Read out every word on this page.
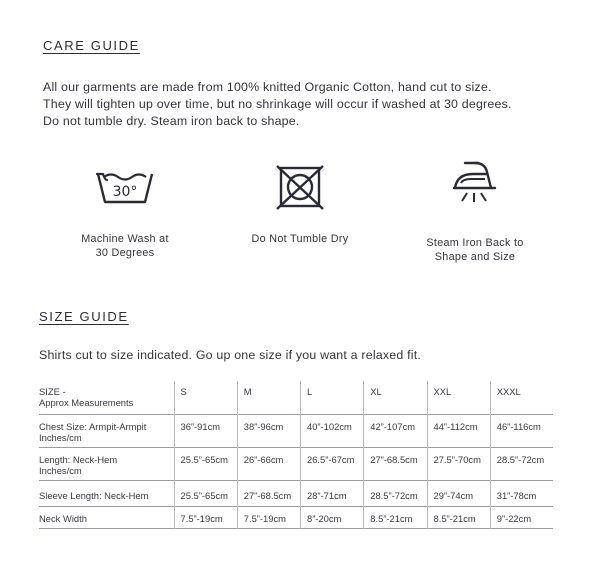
CARE GUIDE
All our garments are made from 100% knitted Organic Cotton, hand cut to size.
They will tighten up over time, but no shrinkage will occur if washed at 30 degrees.
Do not tumble dry. Steam iron back to shape.
30°
Machine Wash at
30 Degrees
Do Not Tumble Dry	Steam Iron Back to
Shape and Size
SIZE GUIDE
Shirts cut to size indicated. Go up one size if you want a relaxed fit.
SIZE -
Approx Measurements	S	M	L	XL	XXL	XXXL

Chest Size: Armpit-Armpit
Inches/cm	36”-91cm	38”-96cm	40”-102cm	42”-107cm	44”-112cm	46”-116cm

Length: Neck-Hem
Inches/cm	25.5”-65cm	26”-66cm	26.5”-67cm	27”-68.5cm	27.5”-70cm	28.5”-72cm
Sleeve Length: Neck-Hem	25.5”-65cm	27”-68.5cm	28”-71cm	28.5”-72cm	29”-74cm	31”-78cm
Neck Width	7.5”-19cm	7.5”-19cm	8”-20cm	8.5”-21cm	8.5”-21cm	9”-22cm
